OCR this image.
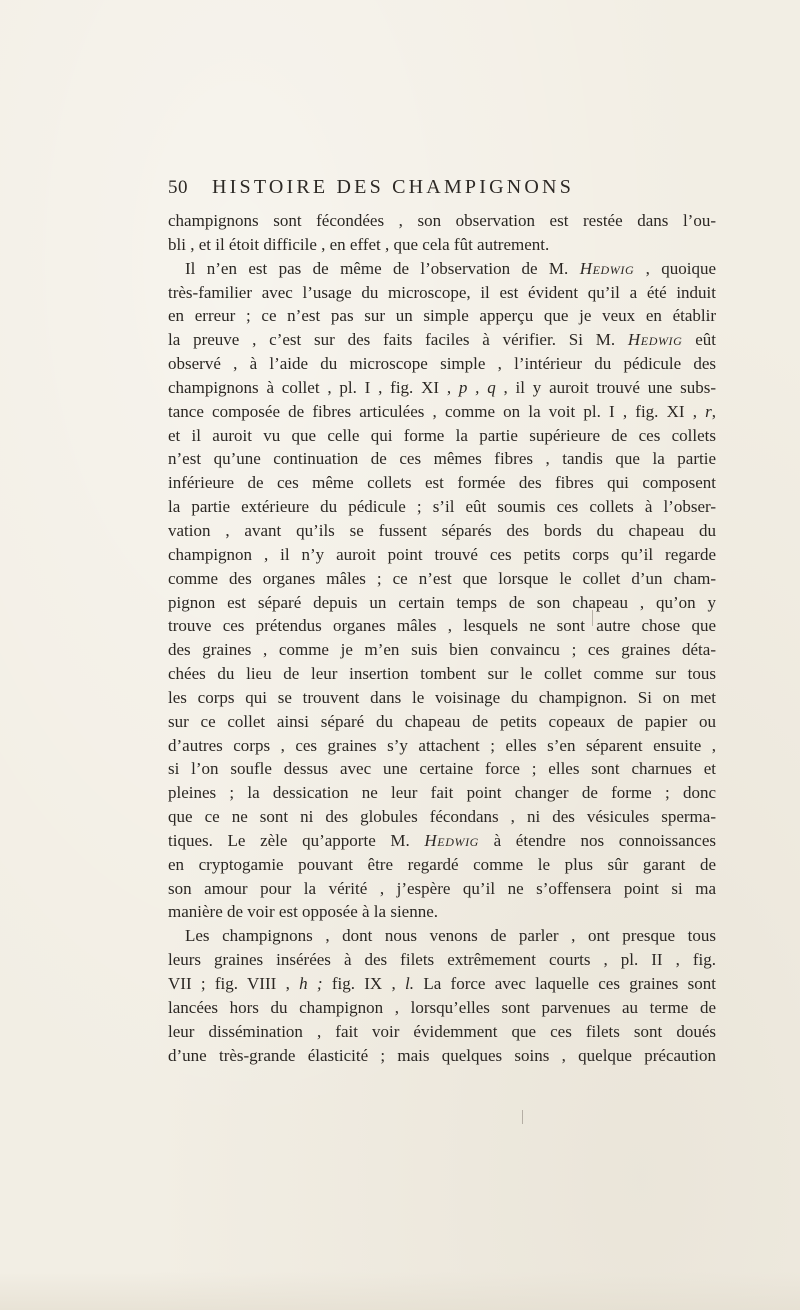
50 HISTOIRE DES CHAMPIGNONS
champignons sont fécondées , son observation est restée dans l’ou-
bli , et il étoit difficile , en effet , que cela fût autrement.
Il n’en est pas de même de l’observation de M. Hedwig , quoique
très-familier avec l’usage du microscope, il est évident qu’il a été induit
en erreur ; ce n’est pas sur un simple apperçu que je veux en établir
la preuve , c’est sur des faits faciles à vérifier. Si M. Hedwig eût
observé , à l’aide du microscope simple , l’intérieur du pédicule des
champignons à collet , pl. I , fig. XI , p , q , il y auroit trouvé une subs-
tance composée de fibres articulées , comme on la voit pl. I , fig. XI , r,
et il auroit vu que celle qui forme la partie supérieure de ces collets
n’est qu’une continuation de ces mêmes fibres , tandis que la partie
inférieure de ces même collets est formée des fibres qui composent
la partie extérieure du pédicule ; s’il eût soumis ces collets à l’obser-
vation , avant qu’ils se fussent séparés des bords du chapeau du
champignon , il n’y auroit point trouvé ces petits corps qu’il regarde
comme des organes mâles ; ce n’est que lorsque le collet d’un cham-
pignon est séparé depuis un certain temps de son chapeau , qu’on y
trouve ces prétendus organes mâles , lesquels ne sont autre chose que
des graines , comme je m’en suis bien convaincu ; ces graines déta-
chées du lieu de leur insertion tombent sur le collet comme sur tous
les corps qui se trouvent dans le voisinage du champignon. Si on met
sur ce collet ainsi séparé du chapeau de petits copeaux de papier ou
d’autres corps , ces graines s’y attachent ; elles s’en séparent ensuite ,
si l’on soufle dessus avec une certaine force ; elles sont charnues et
pleines ; la dessication ne leur fait point changer de forme ; donc
que ce ne sont ni des globules fécondans , ni des vésicules sperma-
tiques. Le zèle qu’apporte M. Hedwig à étendre nos connoissances
en cryptogamie pouvant être regardé comme le plus sûr garant de
son amour pour la vérité , j’espère qu’il ne s’offensera point si ma
manière de voir est opposée à la sienne.
Les champignons , dont nous venons de parler , ont presque tous
leurs graines insérées à des filets extrêmement courts , pl. II , fig.
VII ; fig. VIII , h ; fig. IX , l. La force avec laquelle ces graines sont
lancées hors du champignon , lorsqu’elles sont parvenues au terme de
leur dissémination , fait voir évidemment que ces filets sont doués
d’une très-grande élasticité ; mais quelques soins , quelque précaution
